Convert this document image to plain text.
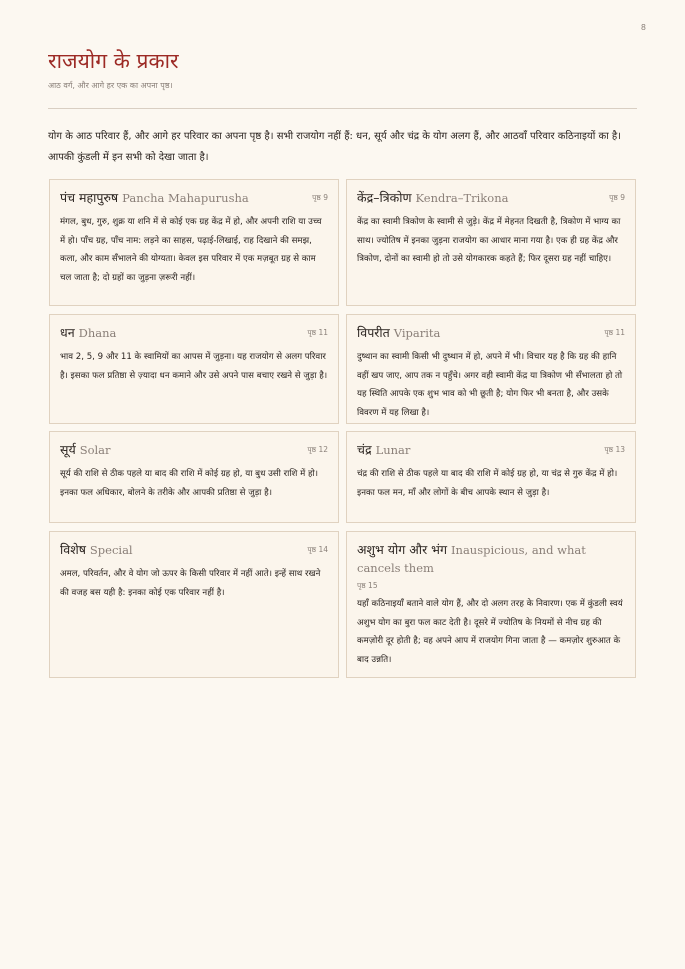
8
राजयोग के प्रकार

आठ वर्ग, और आगे हर एक का अपना पृष्ठ।

योग के आठ परिवार हैं, और आगे हर परिवार का अपना पृष्ठ है। सभी राजयोग नहीं हैं: धन, सूर्य और चंद्र के योग अलग हैं, और आठवाँ परिवार कठिनाइयों का है। आपकी कुंडली में इन सभी को देखा जाता है।

पंच महापुरुष Pancha Mahapurusha	पृष्ठ 9

मंगल, बुध, गुरु, शुक्र या शनि में से कोई एक ग्रह केंद्र में हो, और अपनी राशि या उच्च में हो। पाँच ग्रह, पाँच नाम: लड़ने का साहस, पढ़ाई-लिखाई, राह दिखाने की समझ, कला, और काम सँभालने की योग्यता। केवल इस परिवार में एक मज़बूत ग्रह से काम चल जाता है; दो ग्रहों का जुड़ना ज़रूरी नहीं।

केंद्र–त्रिकोण Kendra–Trikona	पृष्ठ 9

केंद्र का स्वामी त्रिकोण के स्वामी से जुड़े। केंद्र में मेहनत दिखती है, त्रिकोण में भाग्य का साथ। ज्योतिष में इनका जुड़ना राजयोग का आधार माना गया है। एक ही ग्रह केंद्र और त्रिकोण, दोनों का स्वामी हो तो उसे योगकारक कहते हैं; फिर दूसरा ग्रह नहीं चाहिए।

धन Dhana	पृष्ठ 11

भाव 2, 5, 9 और 11 के स्वामियों का आपस में जुड़ना। यह राजयोग से अलग परिवार है। इसका फल प्रतिष्ठा से ज़्यादा धन कमाने और उसे अपने पास बचाए रखने से जुड़ा है।

विपरीत Viparita	पृष्ठ 11

दुष्थान का स्वामी किसी भी दुष्थान में हो, अपने में भी। विचार यह है कि ग्रह की हानि वहीं खप जाए, आप तक न पहुँचे। अगर वही स्वामी केंद्र या त्रिकोण भी सँभालता हो तो यह स्थिति आपके एक शुभ भाव को भी छूती है; योग फिर भी बनता है, और उसके विवरण में यह लिखा है।

सूर्य Solar	पृष्ठ 12

सूर्य की राशि से ठीक पहले या बाद की राशि में कोई ग्रह हो, या बुध उसी राशि में हो। इनका फल अधिकार, बोलने के तरीके और आपकी प्रतिष्ठा से जुड़ा है।

चंद्र Lunar	पृष्ठ 13

चंद्र की राशि से ठीक पहले या बाद की राशि में कोई ग्रह हो, या चंद्र से गुरु केंद्र में हो। इनका फल मन, माँ और लोगों के बीच आपके स्थान से जुड़ा है।

विशेष Special	पृष्ठ 14

अमल, परिवर्तन, और वे योग जो ऊपर के किसी परिवार में नहीं आते। इन्हें साथ रखने की वजह बस यही है: इनका कोई एक परिवार नहीं है।

अशुभ योग और भंग Inauspicious, and what cancels them
पृष्ठ 15

यहाँ कठिनाइयाँ बताने वाले योग हैं, और दो अलग तरह के निवारण। एक में कुंडली स्वयं अशुभ योग का बुरा फल काट देती है। दूसरे में ज्योतिष के नियमों से नीच ग्रह की कमज़ोरी दूर होती है; वह अपने आप में राजयोग गिना जाता है — कमज़ोर शुरुआत के बाद उन्नति।
